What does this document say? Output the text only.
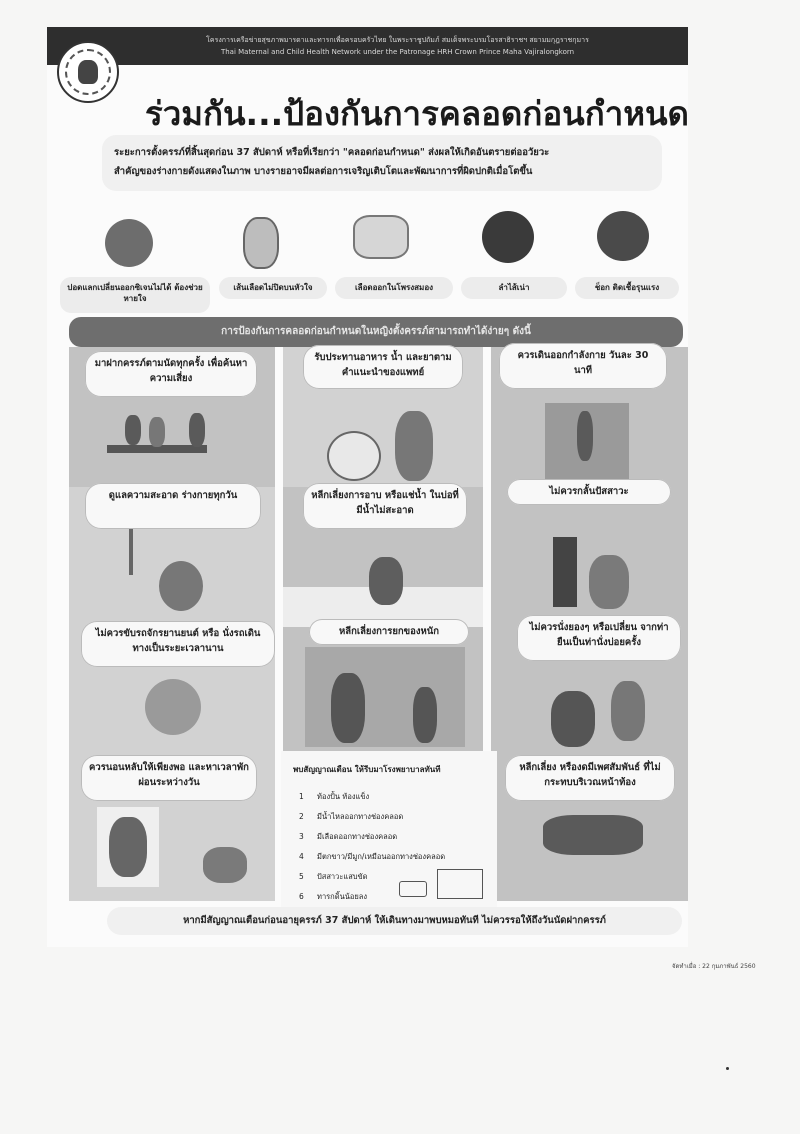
โครงการเครือข่ายสุขภาพมารดาและทารกเพื่อครอบครัวไทย ในพระราชูปถัมภ์ สมเด็จพระบรมโอรสาธิราชฯ สยามมกุฎราชกุมาร
Thai Maternal and Child Health Network under the Patronage HRH Crown Prince Maha Vajiralongkorn
ร่วมกัน...ป้องกันการคลอดก่อนกำหนด
ระยะการตั้งครรภ์ที่สิ้นสุดก่อน 37 สัปดาห์ หรือที่เรียกว่า "คลอดก่อนกำหนด" ส่งผลให้เกิดอันตรายต่ออวัยวะ
สำคัญของร่างกายดังแสดงในภาพ บางรายอาจมีผลต่อการเจริญเติบโตและพัฒนาการที่ผิดปกติเมื่อโตขึ้น
ปอดแลกเปลี่ยนออกซิเจนไม่ได้ ต้องช่วยหายใจ
เส้นเลือดไม่ปิดบนหัวใจ	เลือดออกในโพรงสมอง	ลำไส้เน่า	ช็อก ติดเชื้อรุนแรง
การป้องกันการคลอดก่อนกำหนดในหญิงตั้งครรภ์สามารถทำได้ง่ายๆ ดังนี้
มาฝากครรภ์ตามนัดทุกครั้ง เพื่อค้นหาความเสี่ยง
รับประทานอาหาร น้ำ และยาตามคำแนะนำของแพทย์
ควรเดินออกกำลังกาย วันละ 30 นาที
ดูแลความสะอาด ร่างกายทุกวัน	หลีกเลี่ยงการอาบ หรือแช่น้ำ ในบ่อที่มีน้ำไม่สะอาด
ไม่ควรกลั้นปัสสาวะ
ไม่ควรขับรถจักรยานยนต์ หรือ นั่งรถเดินทางเป็นระยะเวลานาน
หลีกเลี่ยงการยกของหนัก	ไม่ควรนั่งยองๆ หรือเปลี่ยน จากท่ายืนเป็นท่านั่งบ่อยครั้ง
ควรนอนหลับให้เพียงพอ และหาเวลาพักผ่อนระหว่างวัน
หลีกเลี่ยง หรืองดมีเพศสัมพันธ์ ที่ไม่กระทบบริเวณหน้าท้อง
พบสัญญาณเตือน ให้รีบมาโรงพยาบาลทันที
1 ท้องปั้น ท้องแข็ง
2 มีน้ำไหลออกทางช่องคลอด
3 มีเลือดออกทางช่องคลอด
4 มีตกขาว/มีมูก/เหมือนออกทางช่องคลอด
5 ปัสสาวะแสบขัด
6 ทารกดิ้นน้อยลง
หากมีสัญญาณเตือนก่อนอายุครรภ์ 37 สัปดาห์ ให้เดินทางมาพบหมอทันที ไม่ควรรอให้ถึงวันนัดฝากครรภ์
จัดทำเมื่อ : 22 กุมภาพันธ์ 2560
